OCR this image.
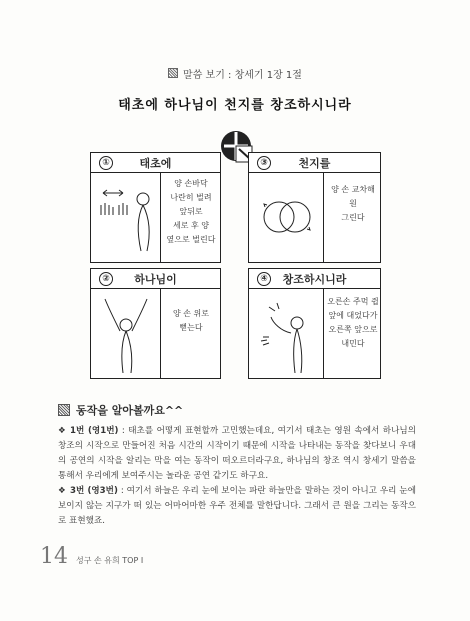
말씀 보기 : 창세기 1장 1절
태초에 하나님이 천지를 창조하시니라
①	태초에
양 손바닥
나란히 벌려
앞뒤로
세로 후 양
옆으로 벌린다
③	천지를
양 손 교차해
원
그린다
② 하나님이
양 손 위로
뻗는다
④ 창조하시니라
오른손 주먹 쥡
앞에 대었다가
오른쪽 앞으로
내민다
동작을 알아볼까요^^
❖ 1번 (영1번) : 태초를 어떻게 표현할까 고민했는데요, 여기서 태초는 영원 속에서 하나님의 창조의 시작으로 만들어진 처음 시간의 시작이기 때문에 시작을 나타내는 동작을 찾다보니 우대의 공연의 시작을 알리는 막을 여는 동작이 떠오르더라구요, 하나님의 창조 역시 창세기 말씀을 통해서 우리에게 보여주시는 놀라운 공연 같기도 하구요.
❖ 3번 (영3번) : 여기서 하늘은 우리 눈에 보이는 파란 하늘만을 말하는 것이 아니고 우리 눈에 보이지 않는 지구가 떠 있는 어마어마한 우주 전체를 말한답니다. 그래서 큰 원을 그리는 동작으로 표현했죠.
14 성구 손 유희 TOP I
